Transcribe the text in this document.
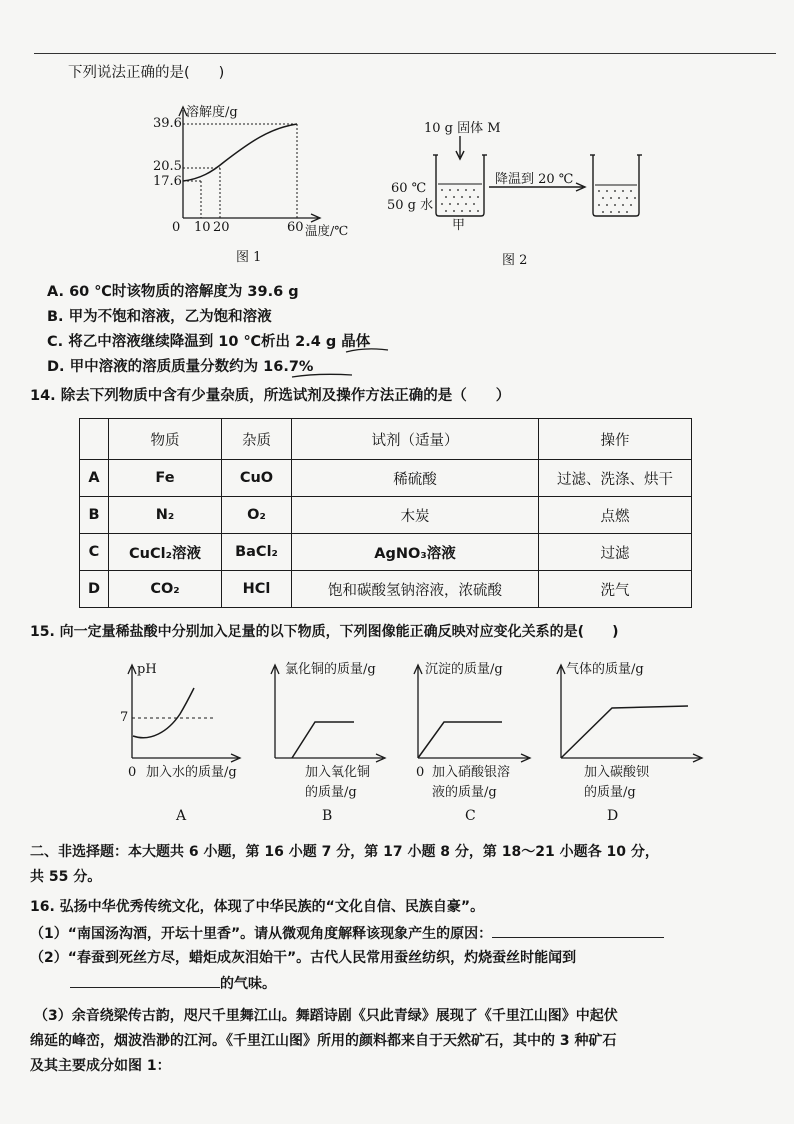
下列说法正确的是(　　)
溶解度/g
39.6
20.5
17.6
0 10 20	60 温度/℃
图 1
10 g 固体 M
60 ℃
50 g 水
降温到 20 ℃
甲
图 2
A. 60 ℃时该物质的溶解度为 39.6 g
B. 甲为不饱和溶液，乙为饱和溶液
C. 将乙中溶液继续降温到 10 ℃析出 2.4 g 晶体
D. 甲中溶液的溶质质量分数约为 16.7%
14. 除去下列物质中含有少量杂质，所选试剂及操作方法正确的是（　　）
	物质	杂质	试剂（适量）	操作
A	Fe	CuO	稀硫酸	过滤、洗涤、烘干
B	N₂	O₂	木炭	点燃
C	CuCl₂溶液	BaCl₂	AgNO₃溶液	过滤
D	CO₂	HCl	饱和碳酸氢钠溶液，浓硫酸	洗气
15. 向一定量稀盐酸中分别加入足量的以下物质，下列图像能正确反映对应变化关系的是(　　)
pH
7
0 加入水的质量/g
A
氯化铜的质量/g
加入氧化铜
的质量/g
B
沉淀的质量/g
0 加入硝酸银溶
液的质量/g
C
气体的质量/g
加入碳酸钡
的质量/g
D
二、非选择题：本大题共 6 小题，第 16 小题 7 分，第 17 小题 8 分，第 18～21 小题各 10 分，
共 55 分。
16. 弘扬中华优秀传统文化，体现了中华民族的“文化自信、民族自豪”。
（1）“南国汤沟酒，开坛十里香”。请从微观角度解释该现象产生的原因：
（2）“春蚕到死丝方尽，蜡炬成灰泪始干”。古代人民常用蚕丝纺织，灼烧蚕丝时能闻到
的气味。
（3）余音绕梁传古韵，咫尺千里舞江山。舞蹈诗剧《只此青绿》展现了《千里江山图》中起伏
绵延的峰峦，烟波浩渺的江河。《千里江山图》所用的颜料都来自于天然矿石，其中的 3 种矿石
及其主要成分如图 1：
